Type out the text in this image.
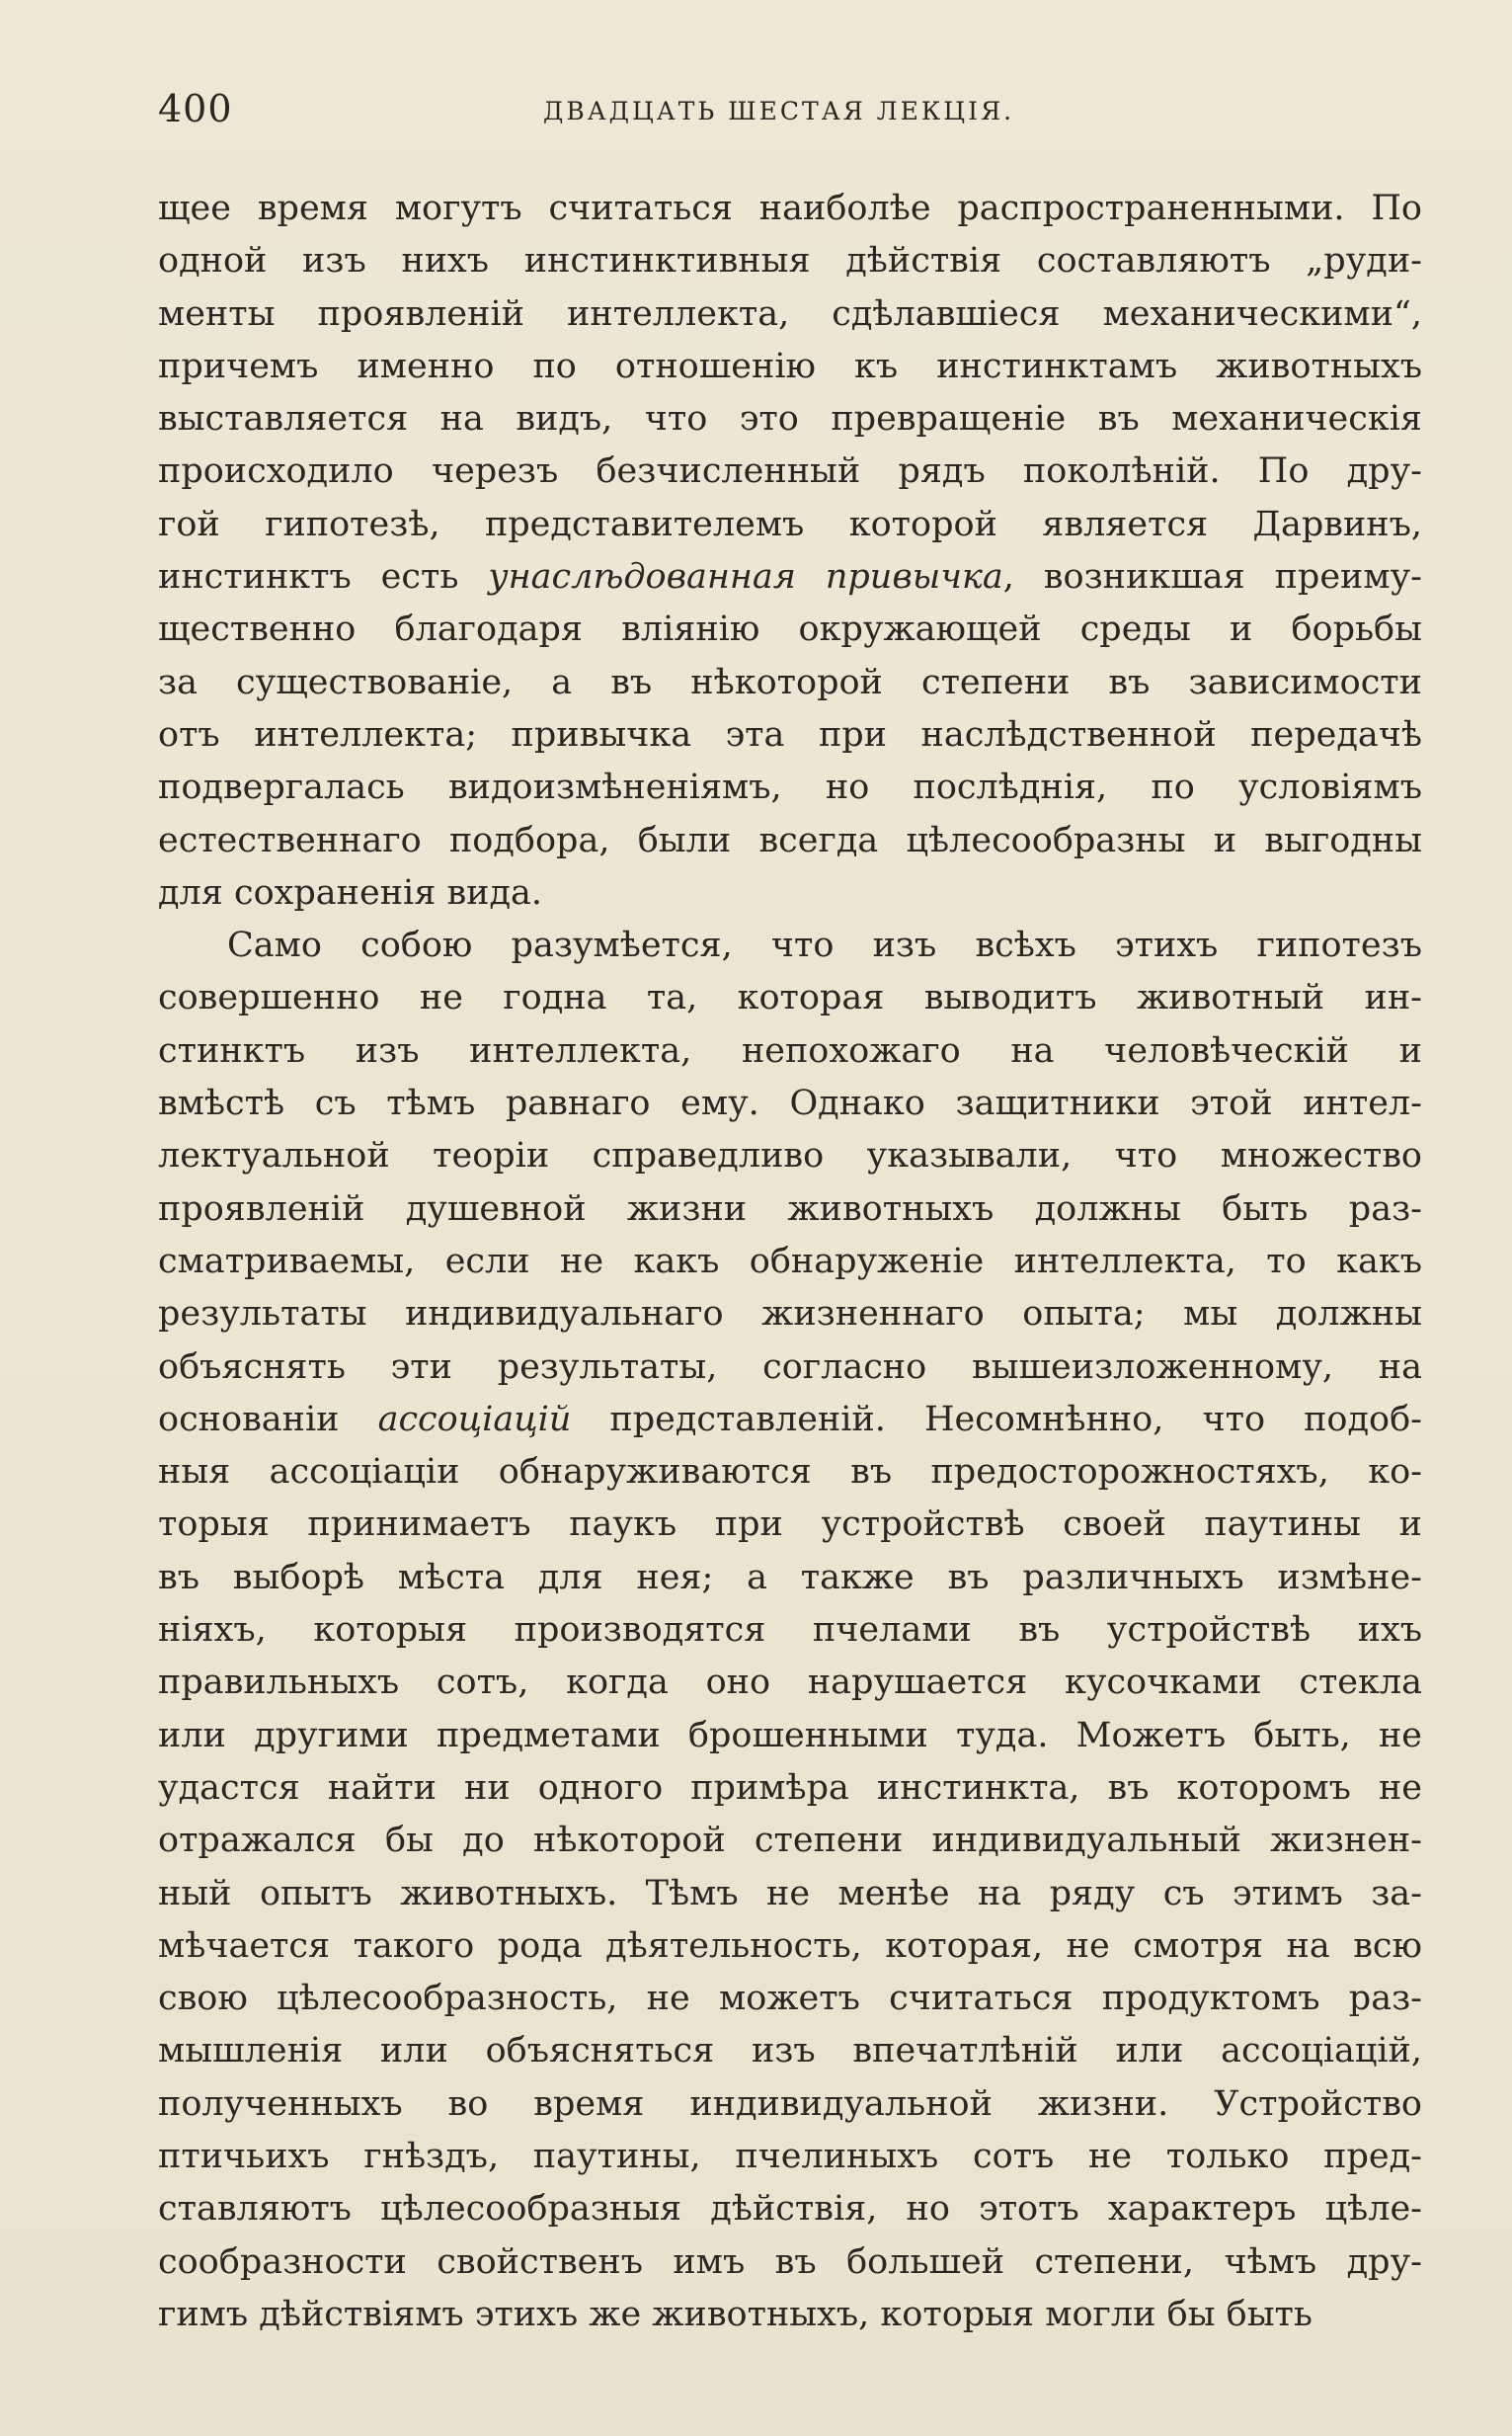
400	ДВАДЦАТЬ ШЕСТАЯ ЛЕКЦІЯ.
щее время могутъ считаться наиболѣе распространенными. По
одной изъ нихъ инстинктивныя дѣйствія составляютъ „руди-
менты проявленій интеллекта, сдѣлавшіеся механическими“,
причемъ именно по отношенію къ инстинктамъ животныхъ
выставляется на видъ, что это превращеніе въ механическія
происходило черезъ безчисленный рядъ поколѣній. По дру-
гой гипотезѣ, представителемъ которой является Дарвинъ,
инстинктъ есть унаслѣдованная привычка, возникшая преиму-
щественно благодаря вліянію окружающей среды и борьбы
за существованіе, а въ нѣкоторой степени въ зависимости
отъ интеллекта; привычка эта при наслѣдственной передачѣ
подвергалась видоизмѣненіямъ, но послѣднія, по условіямъ
естественнаго подбора, были всегда цѣлесообразны и выгодны
для сохраненія вида.
Само собою разумѣется, что изъ всѣхъ этихъ гипотезъ
совершенно не годна та, которая выводитъ животный ин-
стинктъ изъ интеллекта, непохожаго на человѣческій и
вмѣстѣ съ тѣмъ равнаго ему. Однако защитники этой интел-
лектуальной теоріи справедливо указывали, что множество
проявленій душевной жизни животныхъ должны быть раз-
сматриваемы, если не какъ обнаруженіе интеллекта, то какъ
результаты индивидуальнаго жизненнаго опыта; мы должны
объяснять эти результаты, согласно вышеизложенному, на
основаніи ассоціацій представленій. Несомнѣнно, что подоб-
ныя ассоціаціи обнаруживаются въ предосторожностяхъ, ко-
торыя принимаетъ паукъ при устройствѣ своей паутины и
въ выборѣ мѣста для нея; а также въ различныхъ измѣне-
ніяхъ, которыя производятся пчелами въ устройствѣ ихъ
правильныхъ сотъ, когда оно нарушается кусочками стекла
или другими предметами брошенными туда. Можетъ быть, не
удастся найти ни одного примѣра инстинкта, въ которомъ не
отражался бы до нѣкоторой степени индивидуальный жизнен-
ный опытъ животныхъ. Тѣмъ не менѣе на ряду съ этимъ за-
мѣчается такого рода дѣятельность, которая, не смотря на всю
свою цѣлесообразность, не можетъ считаться продуктомъ раз-
мышленія или объясняться изъ впечатлѣній или ассоціацій,
полученныхъ во время индивидуальной жизни. Устройство
птичьихъ гнѣздъ, паутины, пчелиныхъ сотъ не только пред-
ставляютъ цѣлесообразныя дѣйствія, но этотъ характеръ цѣле-
сообразности свойственъ имъ въ большей степени, чѣмъ дру-
гимъ дѣйствіямъ этихъ же животныхъ, которыя могли бы быть
